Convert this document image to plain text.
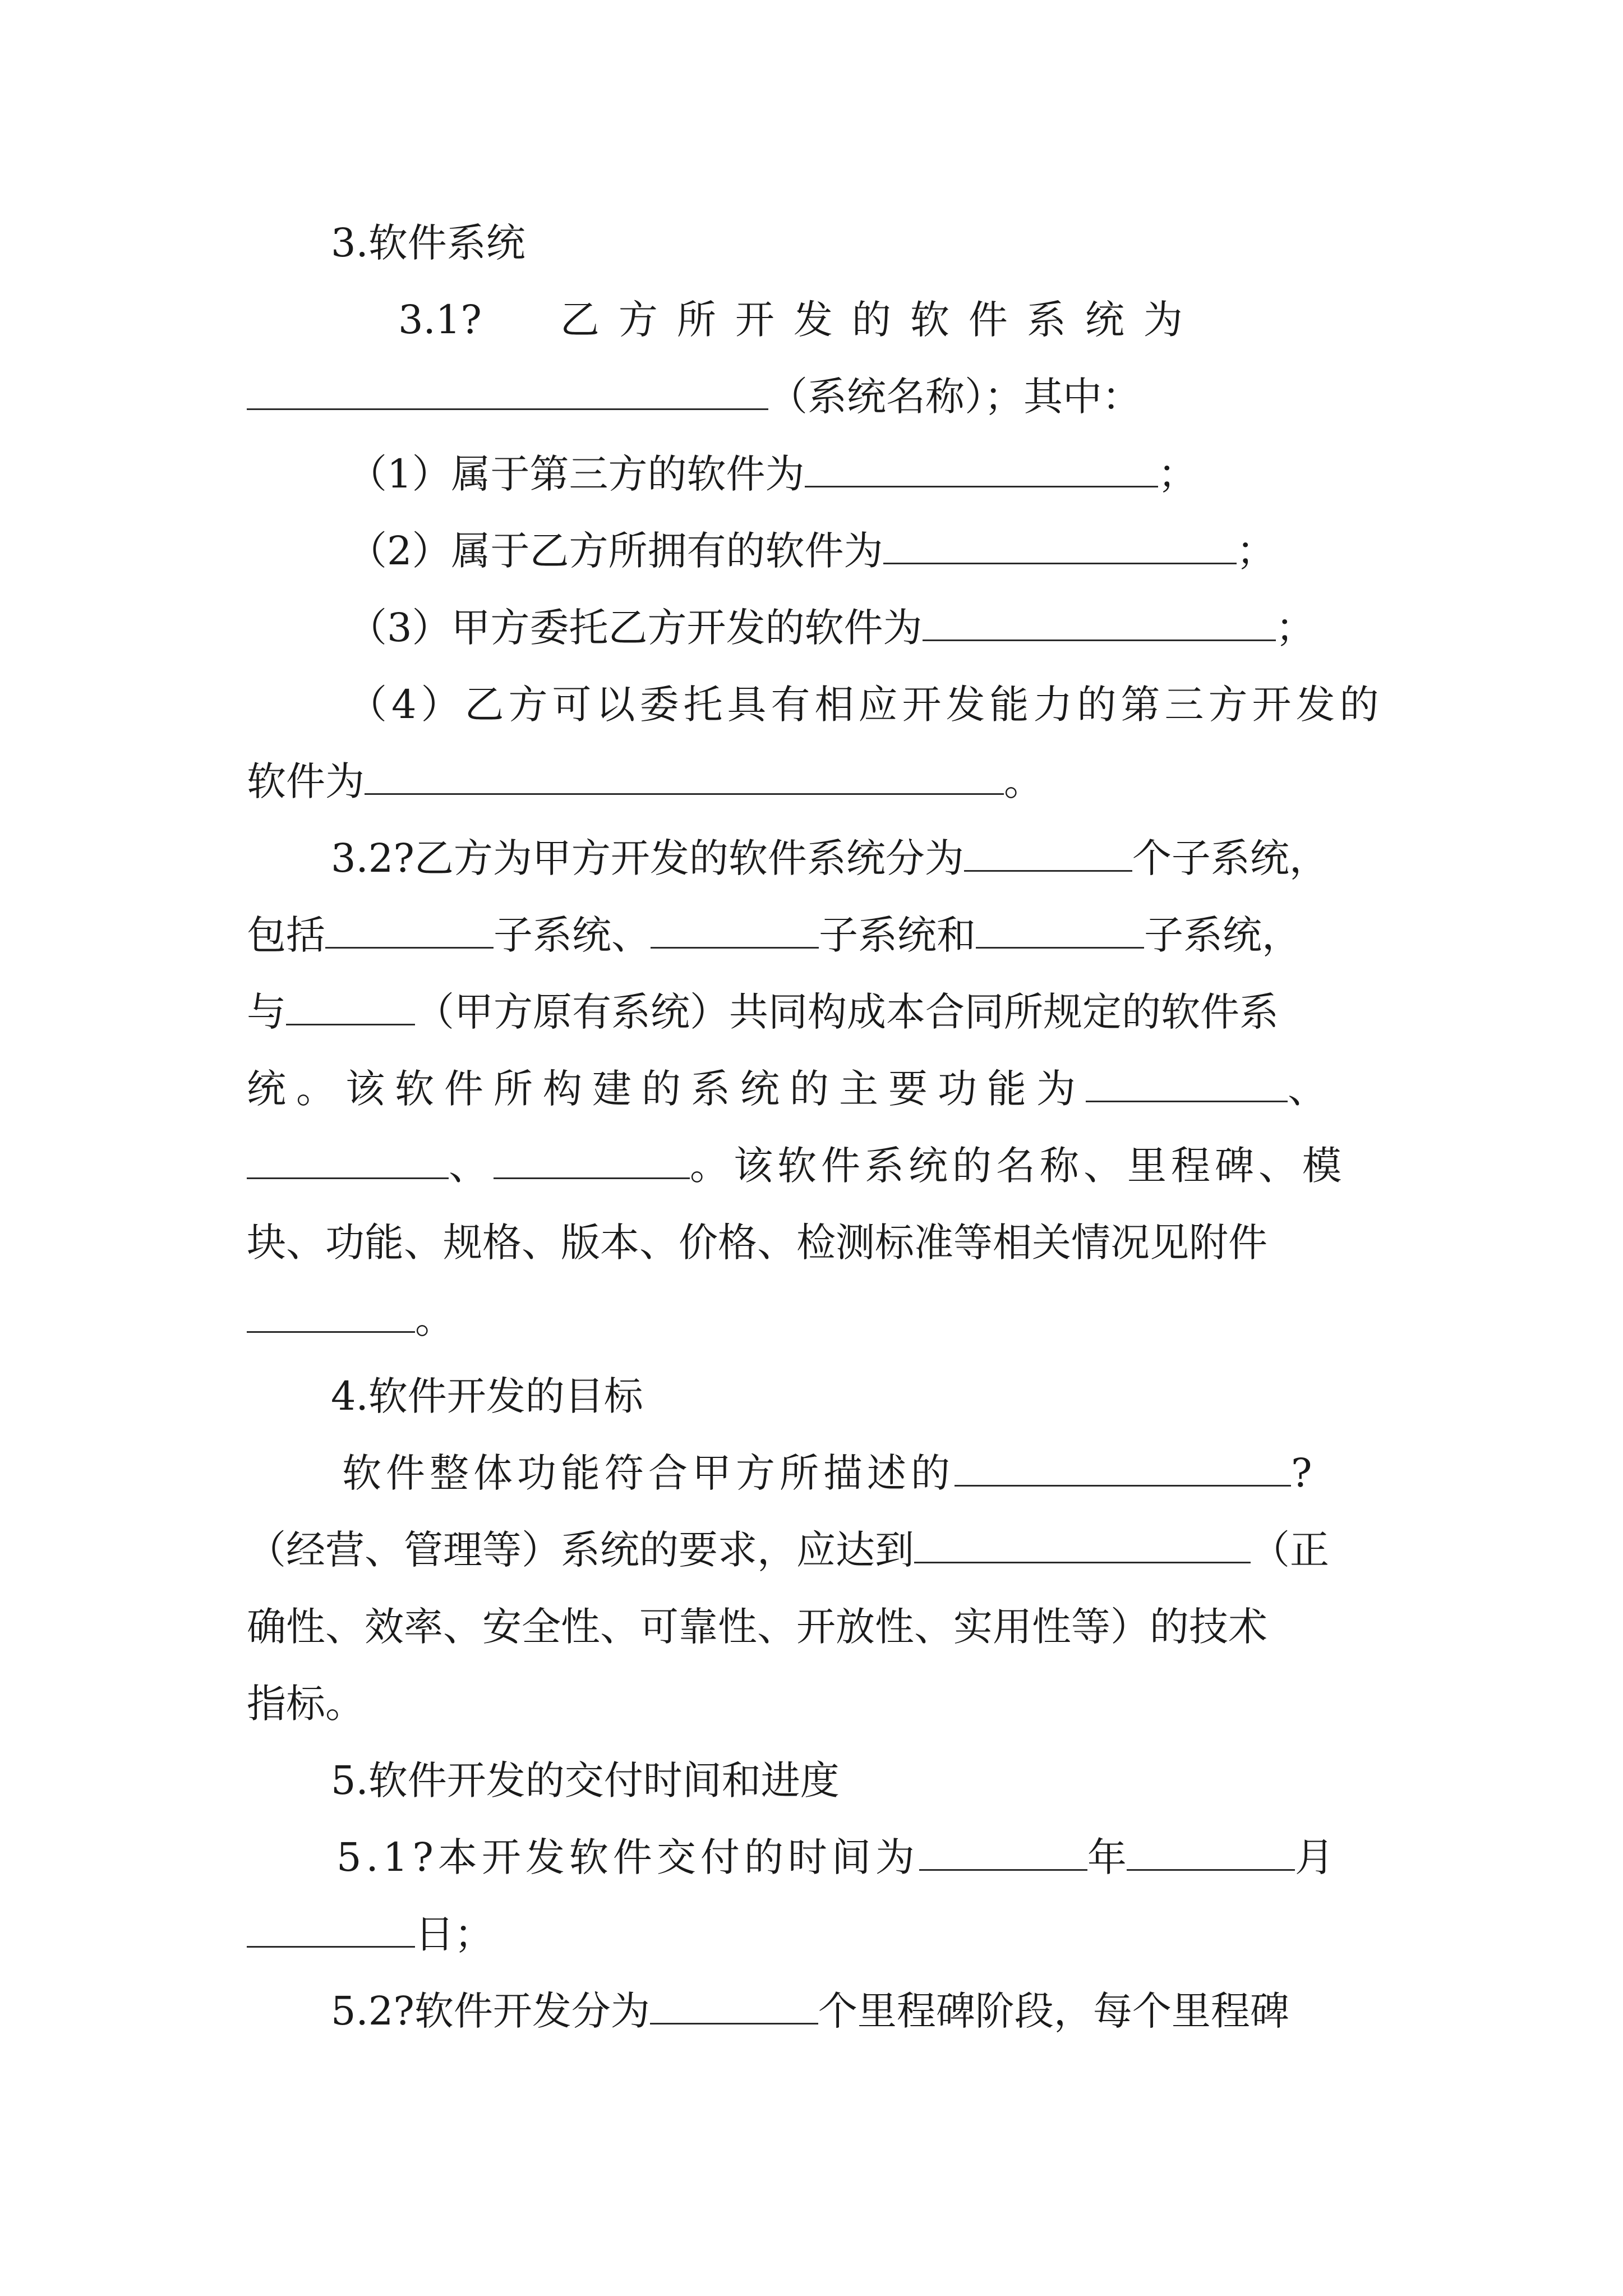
3.软件系统
3.1? 乙方所开发的软件系统为
（系统名称）；其中：
（1）属于第三方的软件为	；
（2）属于乙方所拥有的软件为	；
（3）甲方委托乙方开发的软件为	；
（4）乙方可以委托具有相应开发能力的第三方开发的
软件为	。
3.2?乙方为甲方开发的软件系统分为	个子系统，
包括	子系统、	子系统和	子系统，
与	（甲方原有系统）共同构成本合同所规定的软件系
统。该软件所构建的系统的主要功能为	、
、	。该软件系统的名称、里程碑、模
块、功能、规格、版本、价格、检测标准等相关情况见附件
。
4.软件开发的目标
软件整体功能符合甲方所描述的	?
（经营、管理等）系统的要求，应达到	（正
确性、效率、安全性、可靠性、开放性、实用性等）的技术
指标。
5.软件开发的交付时间和进度
5.1?本开发软件交付的时间为	年	月
日；
5.2?软件开发分为	个里程碑阶段，每个里程碑
